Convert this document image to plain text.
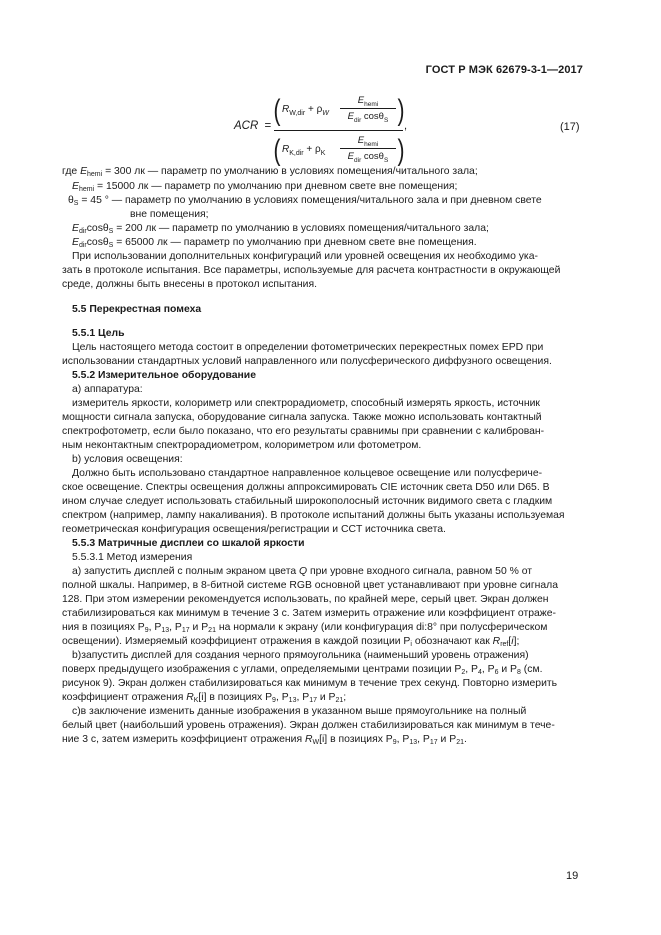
ГОСТ Р МЭК 62679-3-1—2017
ACR = ( $R_{W,dir} + \rho_W$
$E_{hemi}$
$E_{dir}$ cosθ$_S$ )
( $R_{K,dir} + \rho_K$
$E_{hemi}$
$E_{dir}$ cosθ$_S$ )
,	(17)
где $E_{hemi} = 300$ лк — параметр по умолчанию в условиях помещения/читального зала;
$E_{hemi} = 15000$ лк — параметр по умолчанию при дневном свете вне помещения;
$\theta_S = 45$ ° — параметр по умолчанию в условиях помещения/читального зала и при дневном свете
вне помещения;
$E_{dir}\cos\theta_S = 200$ лк — параметр по умолчанию в условиях помещения/читального зала;
$E_{dir}\cos\theta_S = 65000$ лк — параметр по умолчанию при дневном свете вне помещения.
При использовании дополнительных конфигураций или уровней освещения их необходимо ука-
зать в протоколе испытания. Все параметры, используемые для расчета контрастности в окружающей
среде, должны быть внесены в протокол испытания.
5.5 Перекрестная помеха
5.5.1 Цель
Цель настоящего метода состоит в определении фотометрических перекрестных помех EPD при
использовании стандартных условий направленного или полусферического диффузного освещения.
5.5.2 Измерительное оборудование
а) аппаратура:
измеритель яркости, колориметр или спектрорадиометр, способный измерять яркость, источник
мощности сигнала запуска, оборудование сигнала запуска. Также можно использовать контактный
спектрофотометр, если было показано, что его результаты сравнимы при сравнении с калиброван-
ным неконтактным спектрорадиометром, колориметром или фотометром.
b) условия освещения:
Должно быть использовано стандартное направленное кольцевое освещение или полусфериче-
ское освещение. Спектры освещения должны аппроксимировать CIE источник света D50 или D65. В
ином случае следует использовать стабильный широкополосный источник видимого света с гладким
спектром (например, лампу накаливания). В протоколе испытаний должны быть указаны используемая
геометрическая конфигурация освещения/регистрации и CCT источника света.
5.5.3 Матричные дисплеи со шкалой яркости
5.5.3.1 Метод измерения
a) запустить дисплей с полным экраном цвета Q при уровне входного сигнала, равном 50 % от
полной шкалы. Например, в 8-битной системе RGB основной цвет устанавливают при уровне сигнала
128. При этом измерении рекомендуется использовать, по крайней мере, серый цвет. Экран должен
стабилизироваться как минимум в течение 3 с. Затем измерить отражение или коэффициент отраже-
ния в позициях $P_9$, $P_{13}$, $P_{17}$ и $P_{21}$ на нормали к экрану (или конфигурация di:8° при полусферическом
освещении). Измеряемый коэффициент отражения в каждой позиции $P_i$ обозначают как $R_{ref}[i]$;
b)запустить дисплей для создания черного прямоугольника (наименьший уровень отражения)
поверх предыдущего изображения с углами, определяемыми центрами позиции $P_2$, $P_4$, $P_6$ и $P_8$ (см.
рисунок 9). Экран должен стабилизироваться как минимум в течение трех секунд. Повторно измерить
коэффициент отражения $R_K[i]$ в позициях $P_9$, $P_{13}$, $P_{17}$ и $P_{21}$;
c)в заключение изменить данные изображения в указанном выше прямоугольнике на полный
белый цвет (наибольший уровень отражения). Экран должен стабилизироваться как минимум в тече-
ние 3 с, затем измерить коэффициент отражения $R_W[i]$ в позициях $P_9$, $P_{13}$, $P_{17}$ и $P_{21}$.
19
